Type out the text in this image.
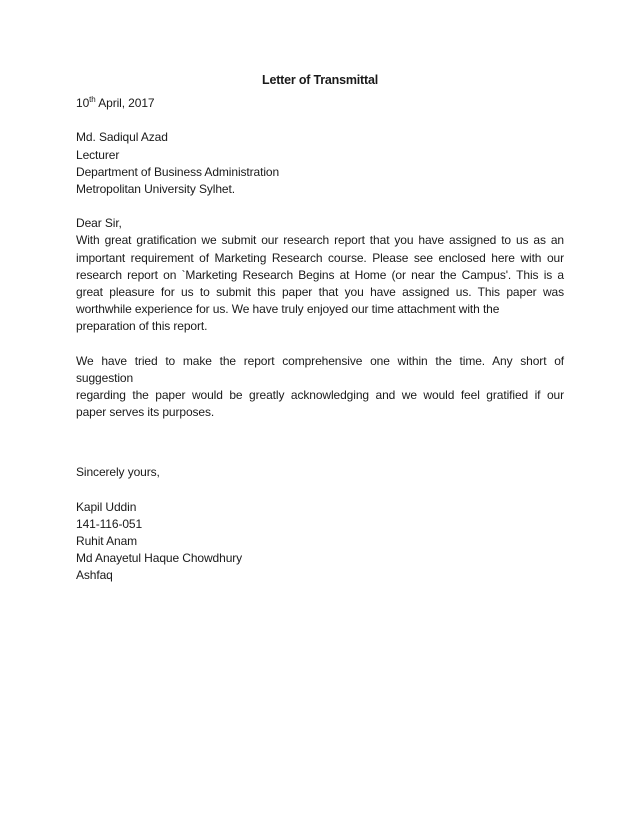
Letter of Transmittal
10th April, 2017
Md. Sadiqul Azad
Lecturer
Department of Business Administration
Metropolitan University Sylhet.
Dear Sir,
With great gratification we submit our research report that you have assigned to us as an
important requirement of Marketing Research course. Please see enclosed here with our
research report on `Marketing Research Begins at Home (or near the Campus'. This is a
great pleasure for us to submit this paper that you have assigned us. This paper was
worthwhile experience for us. We have truly enjoyed our time attachment with the
preparation of this report.
We have tried to make the report comprehensive one within the time. Any short of
suggestion
regarding the paper would be greatly acknowledging and we would feel gratified if our
paper serves its purposes.
Sincerely yours,
Kapil Uddin
141-116-051
Ruhit Anam
Md Anayetul Haque Chowdhury
Ashfaq
